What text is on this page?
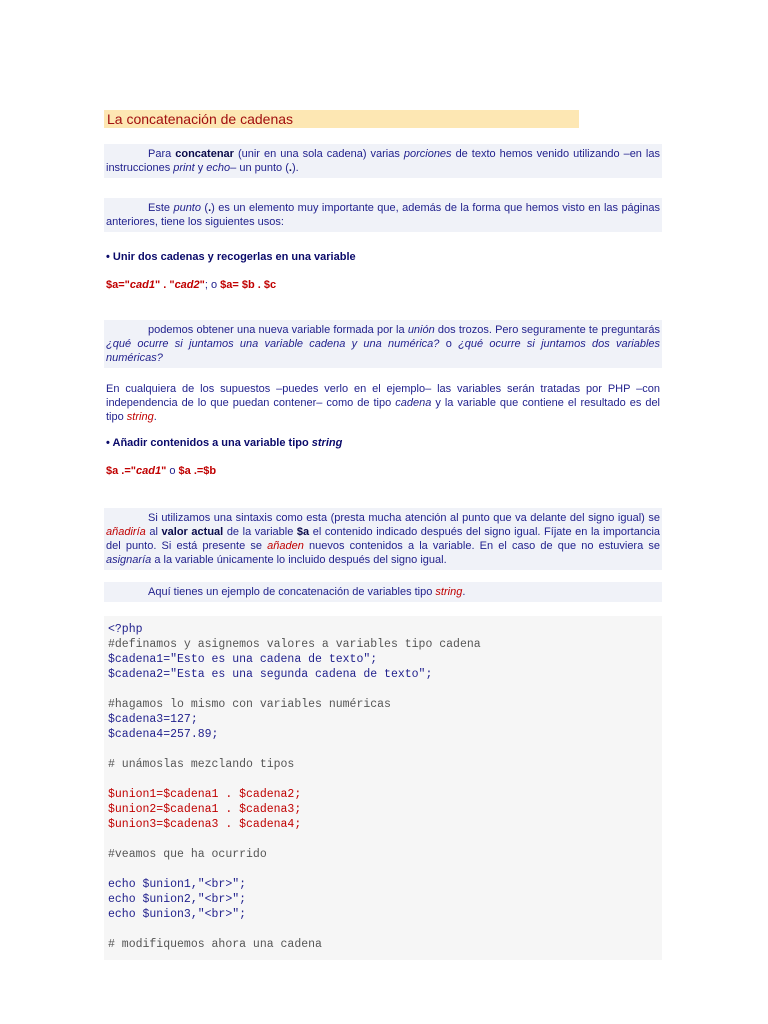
La concatenación de cadenas
Para concatenar (unir en una sola cadena) varias porciones de texto hemos venido utilizando –en las instrucciones print y echo– un punto (.).
Este punto (.) es un elemento muy importante que, además de la forma que hemos visto en las páginas anteriores, tiene los siguientes usos:
• Unir dos cadenas y recogerlas en una variable
$a="cad1" . "cad2"; o $a= $b . $c
podemos obtener una nueva variable formada por la unión dos trozos. Pero seguramente te preguntarás ¿qué ocurre si juntamos una variable cadena y una numérica? o ¿qué ocurre si juntamos dos variables numéricas?
En cualquiera de los supuestos –puedes verlo en el ejemplo– las variables serán tratadas por PHP –con independencia de lo que puedan contener– como de tipo cadena y la variable que contiene el resultado es del tipo string.
• Añadir contenidos a una variable tipo string
$a .="cad1" o $a .=$b
Si utilizamos una sintaxis como esta (presta mucha atención al punto que va delante del signo igual) se añadiría al valor actual de la variable $a el contenido indicado después del signo igual. Fíjate en la importancia del punto. Si está presente se añaden nuevos contenidos a la variable. En el caso de que no estuviera se asignaría a la variable únicamente lo incluido después del signo igual.
Aquí tienes un ejemplo de concatenación de variables tipo string.
<?php
#definamos y asignemos valores a variables tipo cadena
$cadena1="Esto es una cadena de texto";
$cadena2="Esta es una segunda cadena de texto";
#hagamos lo mismo con variables numéricas
$cadena3=127;
$cadena4=257.89;
# unámoslas mezclando tipos
$union1=$cadena1 . $cadena2;
$union2=$cadena1 . $cadena3;
$union3=$cadena3 . $cadena4;
#veamos que ha ocurrido
echo $union1,"<br>";
echo $union2,"<br>";
echo $union3,"<br>";
# modifiquemos ahora una cadena
